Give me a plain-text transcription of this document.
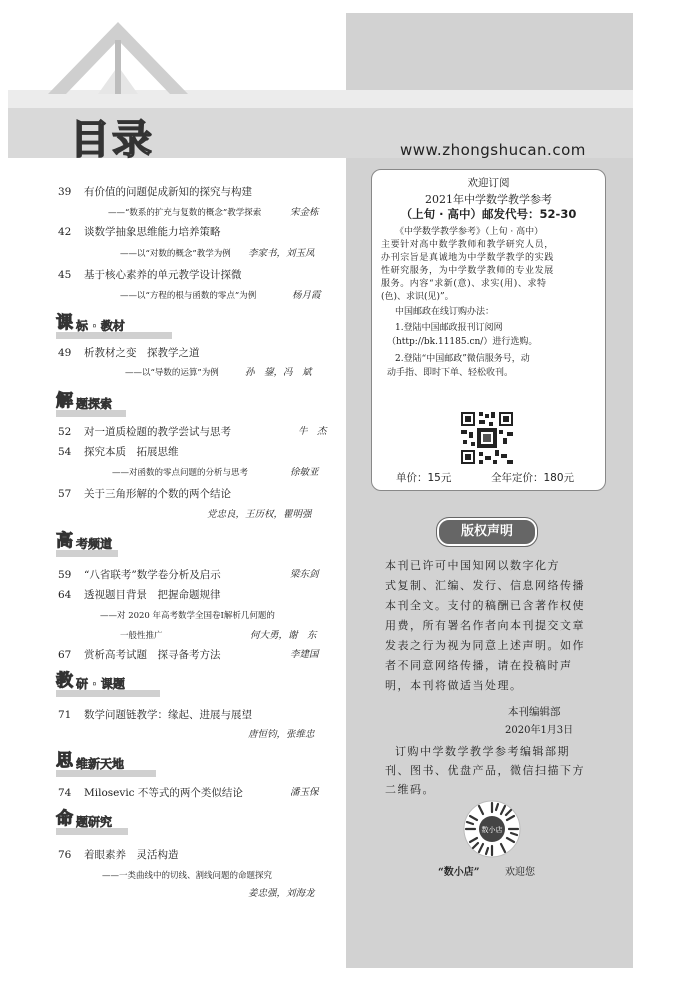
目录	www.zhongshucan.com
39 有价值的问题促成新知的探究与构建
——“数系的扩充与复数的概念”教学探索	宋金栋
42 谈数学抽象思维能力培养策略
——以“对数的概念”教学为例 李家书，刘玉凤
45 基于核心素养的单元教学设计探微
——以“方程的根与函数的零点”为例	杨月霞
课 标 · 教材
49 析教材之变　探教学之道
——以“导数的运算”为例	孙　鋆，冯　斌
解 题探索
52 对一道质检题的教学尝试与思考	牛　杰
54 探究本质　拓展思维
——对函数的零点问题的分析与思考	徐敏亚
57 关于三角形解的个数的两个结论
党忠良，王历权，瞿明强
高 考频道
59 “八省联考”数学卷分析及启示	梁东剑
64 透视题目背景　把握命题规律
——对 2020 年高考数学全国卷Ⅰ解析几何题的
一般性推广	何大勇，谢　东
67 赏析高考试题　探寻备考方法	李建国
教 研 · 课题
71 数学问题链教学：缘起、进展与展望
唐恒钧，张维忠
思 维新天地
74 Milosevic 不等式的两个类似结论	潘玉保
命 题研究
76 着眼素养　灵活构造
——一类曲线中的切线、割线问题的命题探究
姜忠强，刘海龙
欢迎订阅
2021年中学数学教学参考
（上旬 · 高中）邮发代号：52-30
《中学数学教学参考》（上旬 · 高中）
主要针对高中数学教师和教学研究人员，
办刊宗旨是真诚地为中学数学教学的实践
性研究服务，为中学数学教师的专业发展
服务。内容“求新(意)、求实(用)、求特
(色)、求识(见)”。
中国邮政在线订购办法：
1.登陆中国邮政报刊订阅网
（http://bk.11185.cn/）进行选购。
2.登陆“中国邮政”微信服务号，动
动手指、即时下单、轻松收刊。
单价：15元	全年定价：180元
版权声明
本刊已许可中国知网以数字化方
式复制、汇编、发行、信息网络传播
本刊全文。支付的稿酬已含著作权使
用费，所有署名作者向本刊提交文章
发表之行为视为同意上述声明。如作
者不同意网络传播，请在投稿时声
明，本刊将做适当处理。
本刊编辑部
2020年1月3日
订购中学数学教学参考编辑部期
刊、图书、优盘产品，微信扫描下方
二维码。
数小店
“数小店”	欢迎您
